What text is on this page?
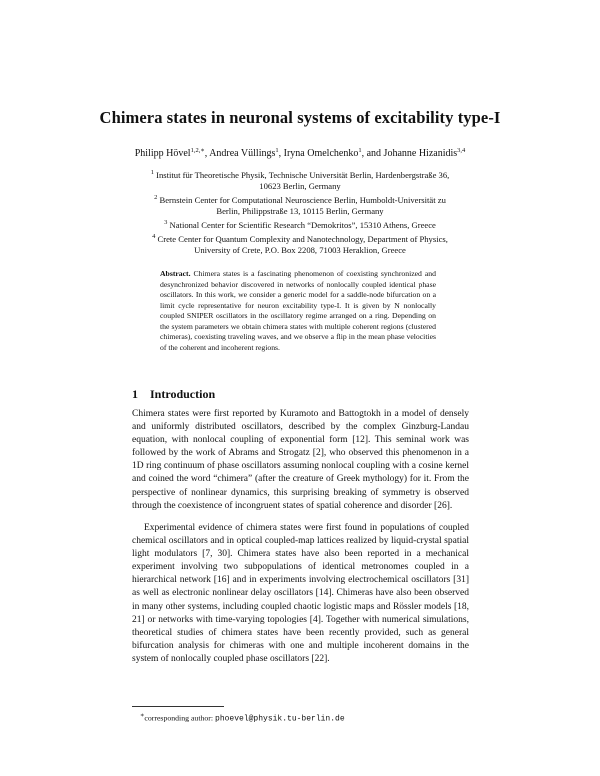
Chimera states in neuronal systems of excitability type-I
Philipp Hövel$^{1,2,∗}$, Andrea Vüllings$^1$, Iryna Omelchenko$^1$, and Johanne Hizanidis$^{3,4}$
$^1$ Institut für Theoretische Physik, Technische Universität Berlin, Hardenbergstraße 36, 10623 Berlin, Germany
$^2$ Bernstein Center for Computational Neuroscience Berlin, Humboldt-Universität zu Berlin, Philippstraße 13, 10115 Berlin, Germany
$^3$ National Center for Scientific Research “Demokritos”, 15310 Athens, Greece
$^4$ Crete Center for Quantum Complexity and Nanotechnology, Department of Physics, University of Crete, P.O. Box 2208, 71003 Heraklion, Greece
Abstract. Chimera states is a fascinating phenomenon of coexisting synchronized and desynchronized behavior discovered in networks of nonlocally coupled identical phase oscillators. In this work, we consider a generic model for a saddle-node bifurcation on a limit cycle representative for neuron excitability type-I. It is given by N nonlocally coupled SNIPER oscillators in the oscillatory regime arranged on a ring. Depending on the system parameters we obtain chimera states with multiple coherent regions (clustered chimeras), coexisting traveling waves, and we observe a flip in the mean phase velocities of the coherent and incoherent regions.
1 Introduction
Chimera states were first reported by Kuramoto and Battogtokh in a model of densely and uniformly distributed oscillators, described by the complex Ginzburg-Landau equation, with nonlocal coupling of exponential form [12]. This seminal work was followed by the work of Abrams and Strogatz [2], who observed this phenomenon in a 1D ring continuum of phase oscillators assuming nonlocal coupling with a cosine kernel and coined the word “chimera” (after the creature of Greek mythology) for it. From the perspective of nonlinear dynamics, this surprising breaking of symmetry is observed through the coexistence of incongruent states of spatial coherence and disorder [26].
Experimental evidence of chimera states were first found in populations of coupled chemical oscillators and in optical coupled-map lattices realized by liquid-crystal spatial light modulators [7, 30]. Chimera states have also been reported in a mechanical experiment involving two subpopulations of identical metronomes coupled in a hierarchical network [16] and in experiments involving electrochemical oscillators [31] as well as electronic nonlinear delay oscillators [14]. Chimeras have also been observed in many other systems, including coupled chaotic logistic maps and Rössler models [18, 21] or networks with time-varying topologies [4]. Together with numerical simulations, theoretical studies of chimera states have been recently provided, such as general bifurcation analysis for chimeras with one and multiple incoherent domains in the system of nonlocally coupled phase oscillators [22].
∗corresponding author: phoevel@physik.tu-berlin.de
